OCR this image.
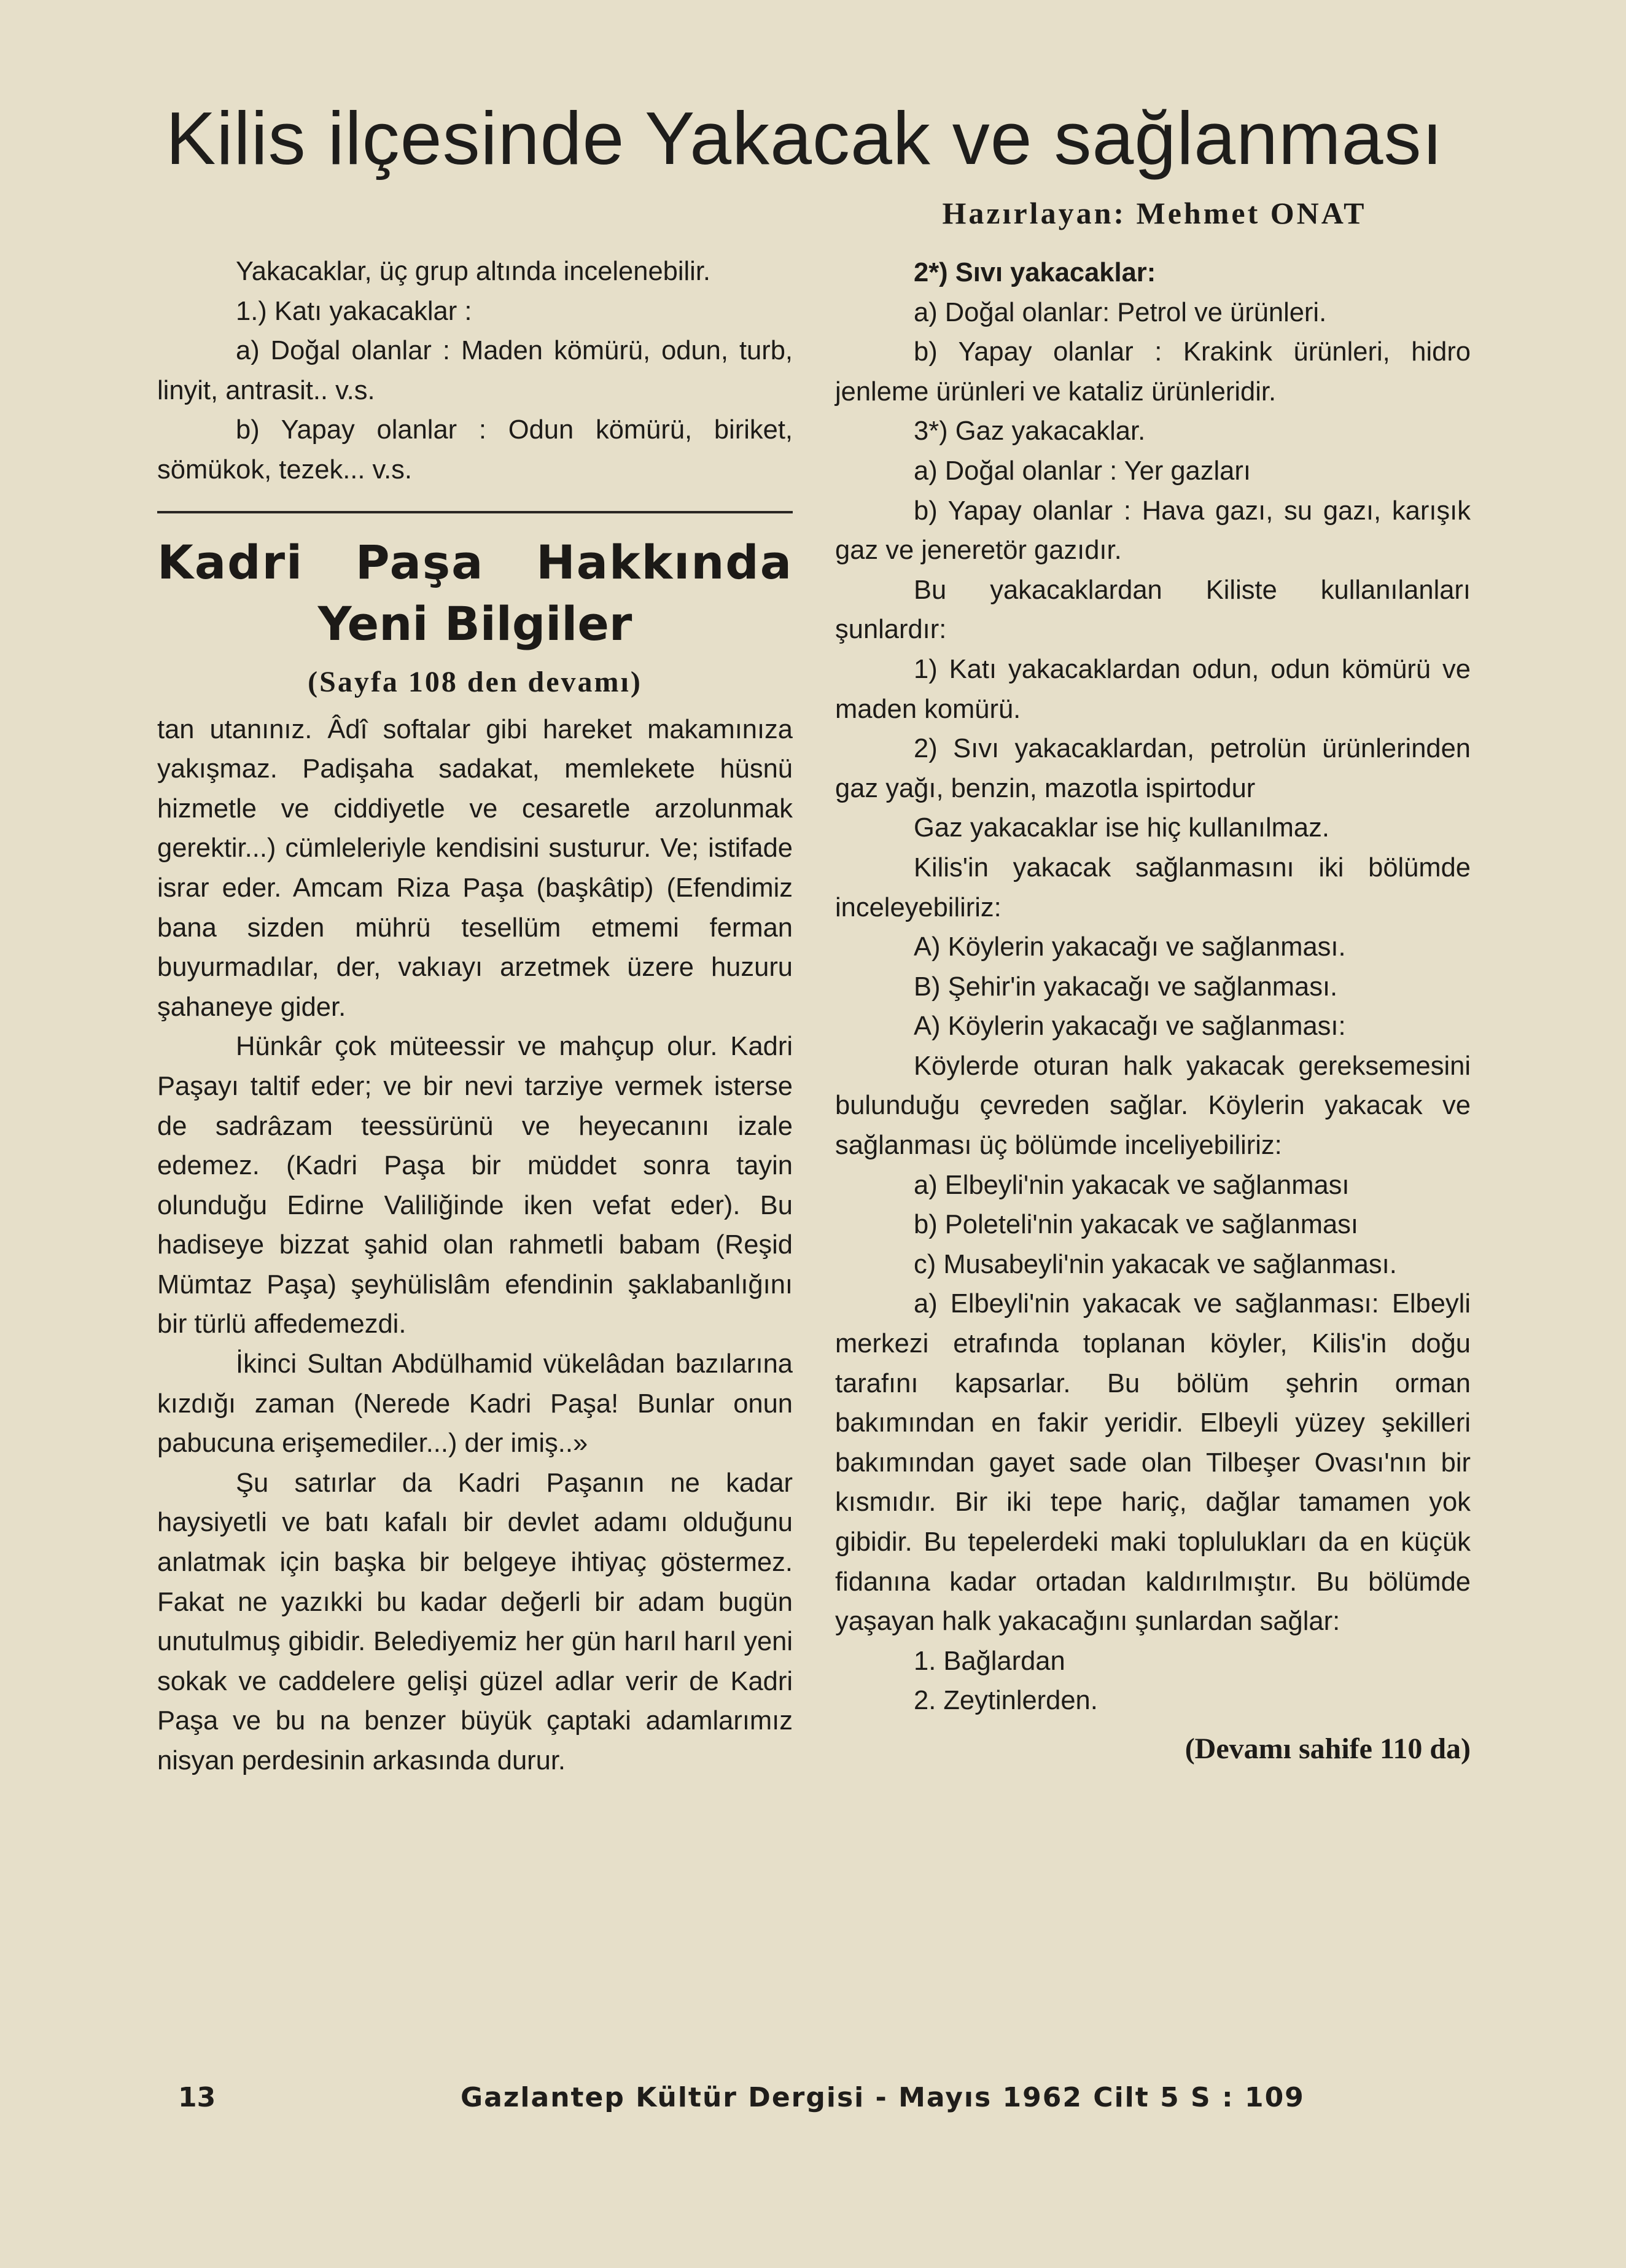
Kilis ilçesinde Yakacak ve sağlanması
Hazırlayan: Mehmet ONAT

Yakacaklar, üç grup altında incelenebilir.

1.) Katı yakacaklar :

a) Doğal olanlar : Maden kömürü, odun, turb, linyit, antrasit.. v.s.

b) Yapay olanlar : Odun kömürü, biriket, sömükok, tezek... v.s.

Kadri Paşa Hakkında

Yeni Bilgiler

(Sayfa 108 den devamı)

tan utanınız. Âdî softalar gibi hareket makamınıza yakışmaz. Padişaha sadakat, memlekete hüsnü hizmetle ve ciddiyetle ve cesaretle arzolunmak gerektir...) cümleleriyle kendisini susturur. Ve; istifade israr eder. Amcam Riza Paşa (başkâtip) (Efendimiz bana sizden mührü tesellüm etmemi ferman buyurmadılar, der, vakıayı arzetmek üzere huzuru şahaneye gider.

Hünkâr çok müteessir ve mahçup olur. Kadri Paşayı taltif eder; ve bir nevi tarziye vermek isterse de sadrâzam teessürünü ve heyecanını izale edemez. (Kadri Paşa bir müddet sonra tayin olunduğu Edirne Valiliğinde iken vefat eder). Bu hadiseye bizzat şahid olan rahmetli babam (Reşid Mümtaz Paşa) şeyhülislâm efendinin şaklabanlığını bir türlü affedemezdi.

İkinci Sultan Abdülhamid vükelâdan bazılarına kızdığı zaman (Nerede Kadri Paşa! Bunlar onun pabucuna erişemediler...) der imiş..»

Şu satırlar da Kadri Paşanın ne kadar haysiyetli ve batı kafalı bir devlet adamı olduğunu anlatmak için başka bir belgeye ihtiyaç göstermez. Fakat ne yazıkki bu kadar değerli bir adam bugün unutulmuş gibidir. Belediyemiz her gün harıl harıl yeni sokak ve caddelere gelişi güzel adlar verir de Kadri Paşa ve bu na benzer büyük çaptaki adamlarımız nisyan perdesinin arkasında durur.

2*) Sıvı yakacaklar:

a) Doğal olanlar: Petrol ve ürünleri.

b) Yapay olanlar : Krakink ürünleri, hidro jenleme ürünleri ve kataliz ürünleridir.

3*) Gaz yakacaklar.

a) Doğal olanlar : Yer gazları

b) Yapay olanlar : Hava gazı, su gazı, karışık gaz ve jeneretör gazıdır.

Bu yakacaklardan Kiliste kullanılanları şunlardır:

1) Katı yakacaklardan odun, odun kömürü ve maden komürü.

2) Sıvı yakacaklardan, petrolün ürünlerinden gaz yağı, benzin, mazotla ispirtodur

Gaz yakacaklar ise hiç kullanılmaz.

Kilis'in yakacak sağlanmasını iki bölümde inceleyebiliriz:

A) Köylerin yakacağı ve sağlanması.

B) Şehir'in yakacağı ve sağlanması.

A) Köylerin yakacağı ve sağlanması:

Köylerde oturan halk yakacak gereksemesini bulunduğu çevreden sağlar. Köylerin yakacak ve sağlanması üç bölümde inceliyebiliriz:

a) Elbeyli'nin yakacak ve sağlanması

b) Poleteli'nin yakacak ve sağlanması

c) Musabeyli'nin yakacak ve sağlanması.

a) Elbeyli'nin yakacak ve sağlanması: Elbeyli merkezi etrafında toplanan köyler, Kilis'in doğu tarafını kapsarlar. Bu bölüm şehrin orman bakımından en fakir yeridir. Elbeyli yüzey şekilleri bakımından gayet sade olan Tilbeşer Ovası'nın bir kısmıdır. Bir iki tepe hariç, dağlar tamamen yok gibidir. Bu tepelerdeki maki toplulukları da en küçük fidanına kadar ortadan kaldırılmıştır. Bu bölümde yaşayan halk yakacağını şunlardan sağlar:

1. Bağlardan

2. Zeytinlerden.

(Devamı sahife 110 da)

13	Gazlantep Kültür Dergisi - Mayıs 1962 Cilt 5 S : 109
